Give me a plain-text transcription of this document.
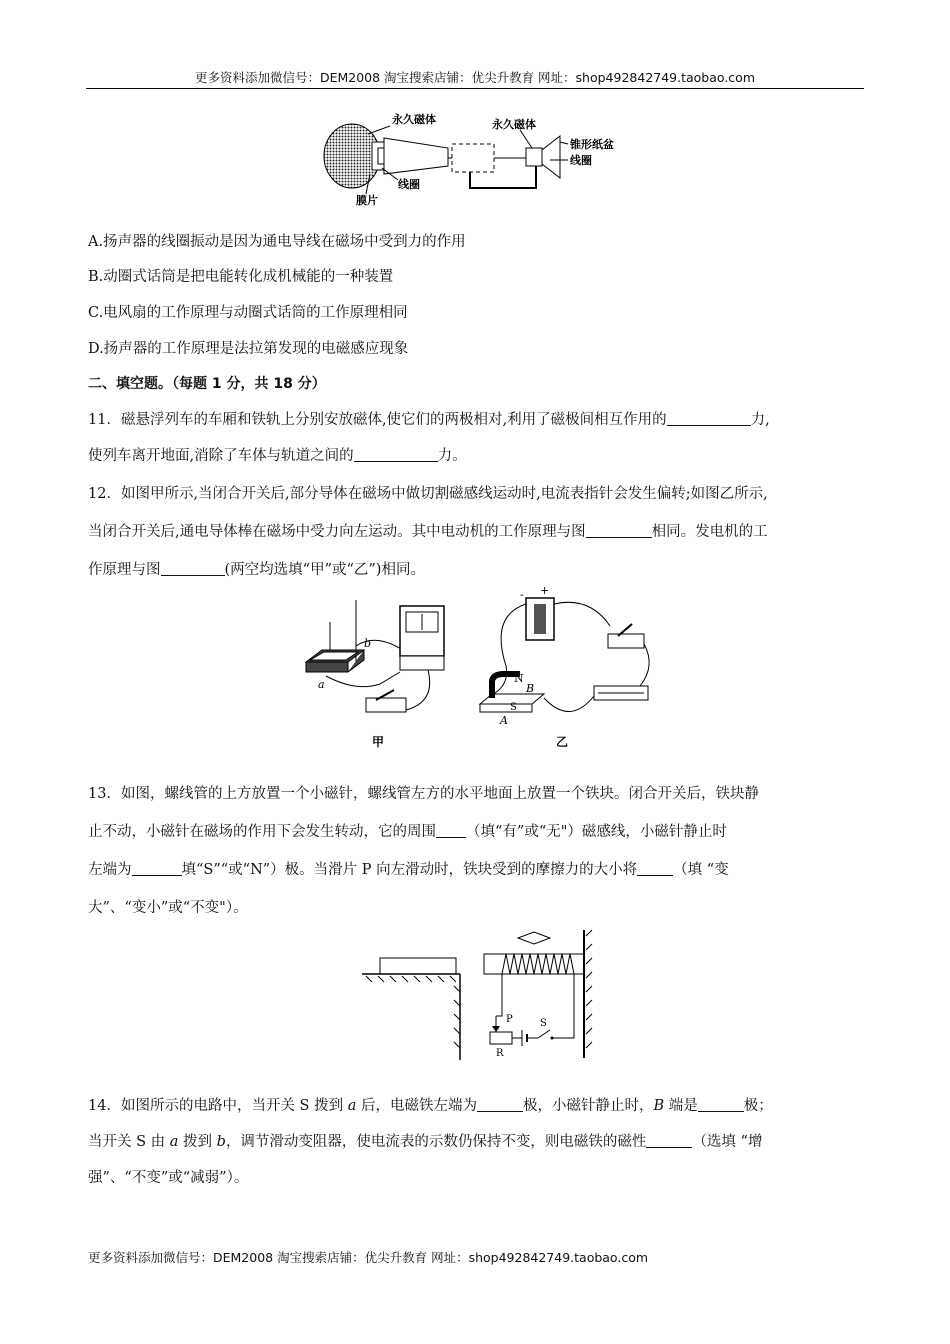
更多资料添加微信号：DEM2008 淘宝搜索店铺：优尖升教育 网址：shop492842749.taobao.com
永久磁体
线圈
膜片
永久磁体
锥形纸盆
线圈
A.扬声器的线圈振动是因为通电导线在磁场中受到力的作用
B.动圈式话筒是把电能转化成机械能的一种装置
C.电风扇的工作原理与动圈式话筒的工作原理相同
D.扬声器的工作原理是法拉第发现的电磁感应现象
二、填空题。（每题 1 分，共 18 分）
11．磁悬浮列车的车厢和铁轨上分别安放磁体,使它们的两极相对,利用了磁极间相互作用的	力,
使列车离开地面,消除了车体与轨道之间的	力。
12．如图甲所示,当闭合开关后,部分导体在磁场中做切割磁感线运动时,电流表指针会发生偏转;如图乙所示,
当闭合开关后,通电导体棒在磁场中受力向左运动。其中电动机的工作原理与图	相同。发电机的工
作原理与图	(两空均选填“甲”或“乙”)相同。
b
a
甲
- +
N
B
S
A
乙
13．如图，螺线管的上方放置一个小磁针，螺线管左方的水平地面上放置一个铁块。闭合开关后，铁块静
止不动，小磁针在磁场的作用下会发生转动，它的周围 （填“有”或“无"）磁感线，小磁针静止时
左端为	填“S”“或“N”）极。当滑片 P 向左滑动时，铁块受到的摩擦力的大小将 （填 “变
大”、“变小”或“不变"）。
P
R
S
14．如图所示的电路中，当开关 S 拨到 a 后，电磁铁左端为	极，小磁针静止时，B 端是	极；
当开关 S 由 a 拨到 b，调节滑动变阻器，使电流表的示数仍保持不变，则电磁铁的磁性	（选填 “增
强”、“不变”或“减弱”）。
更多资料添加微信号：DEM2008 淘宝搜索店铺：优尖升教育 网址：shop492842749.taobao.com
